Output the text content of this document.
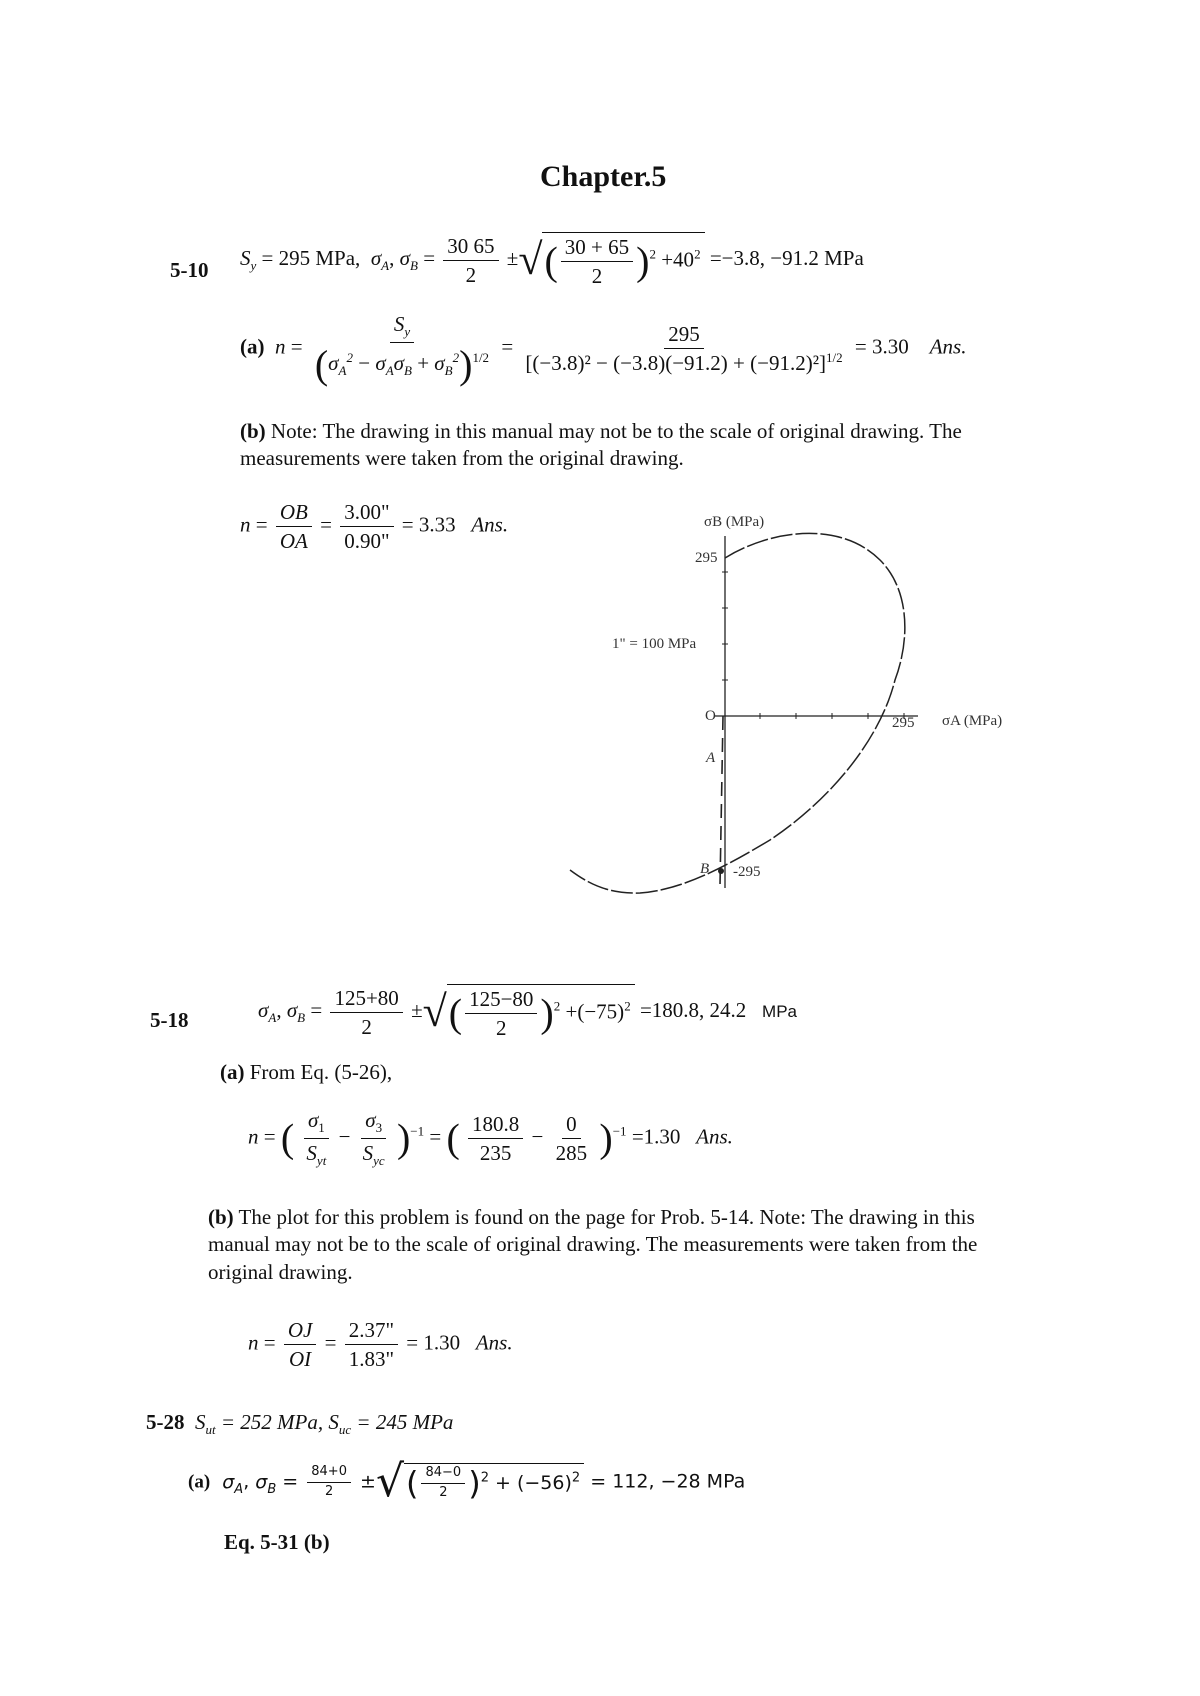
Chapter.5
5-10
$S_y = 295$ MPa, $\sigma_A$, $\sigma_B = \frac{30 65}{2}$ ±√( $\frac{30 + 65}{2} )^2 +40^2 =-3.8$, −91.2 MPa
(a) $n = \frac{S_y}{(\sigma_A^2 - \sigma_A\sigma_B + \sigma_B^2)^{1/2}} = \frac{295}{[(-3.8)^2 - (-3.8)(-91.2) + (-91.2)^2]^{1/2}} = 3.30$ Ans.
(b) Note: The drawing in this manual may not be to the scale of original drawing. The measurements were taken from the original drawing.
$n = \frac{OB}{OA} = \frac{3.00"}{0.90"} = 3.33$ Ans.	σB (MPa)
295
1" = 100 MPa
O	295 σA (MPa)
A
B -295
5-18	$\sigma_A$, $\sigma_B = \frac{125+80}{2}$ ±√( $\frac{125-80}{2} )^2 +(-75)^2 =180.8$, 24.2 MPa
(a) From Eq. (5-26),
n = ( $\frac{\sigma_1}{S_{yt}} - \frac{\sigma_3}{S_{yc}} )^{-1}$ = ( $\frac{180.8}{235} - \frac{0}{285} )^{-1} =1.30$ Ans.
(b) The plot for this problem is found on the page for Prob. 5-14. Note: The drawing in this manual may not be to the scale of original drawing. The measurements were taken from the original drawing.
$n = \frac{OJ}{OI} = \frac{2.37"}{1.83"} = 1.30$ Ans.
5-28 $S_{ut} = 252$ MPa, $S_{uc} = 245$ MPa
(a) $\sigma_A$, $\sigma_B = \frac{84+0}{2}$ ±√( $\frac{84-0}{2} )^2 + (-56)^2 = 112$, −28 MPa
Eq. 5-31 (b)
